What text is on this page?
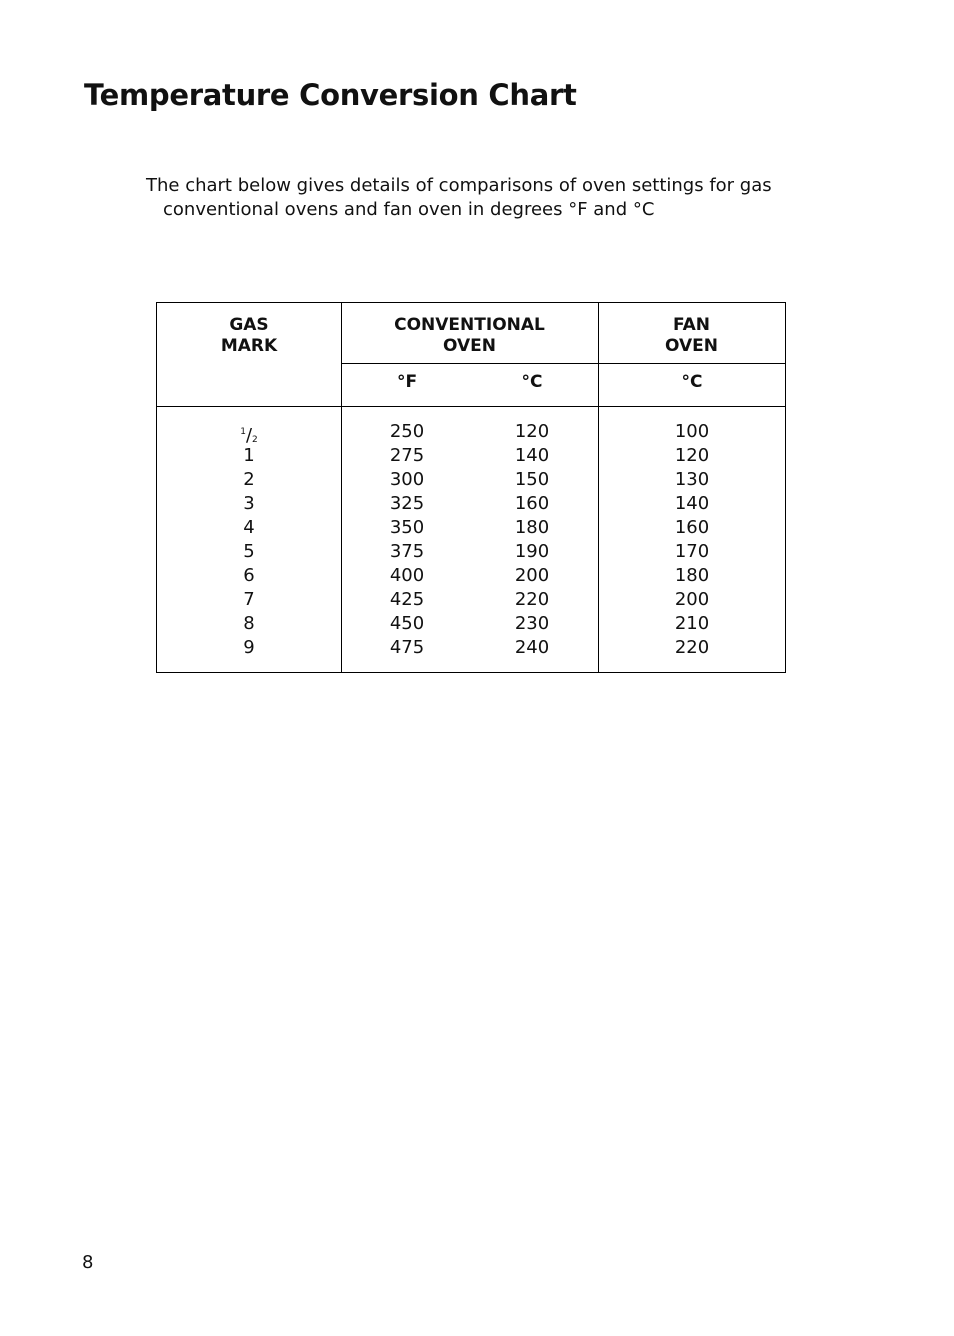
Temperature Conversion Chart

The chart below gives details of comparisons of oven settings for gas
conventional ovens and fan oven in degrees °F and °C

GAS
MARK
CONVENTIONAL
OVEN
FAN
OVEN
°F	°C	°C
$^1/_2$
1
2
3
4
5
6
7
8
9
250
275
300
325
350
375
400
425
450
475
120
140
150
160
180
190
200
220
230
240
100
120
130
140
160
170
180
200
210
220
8
